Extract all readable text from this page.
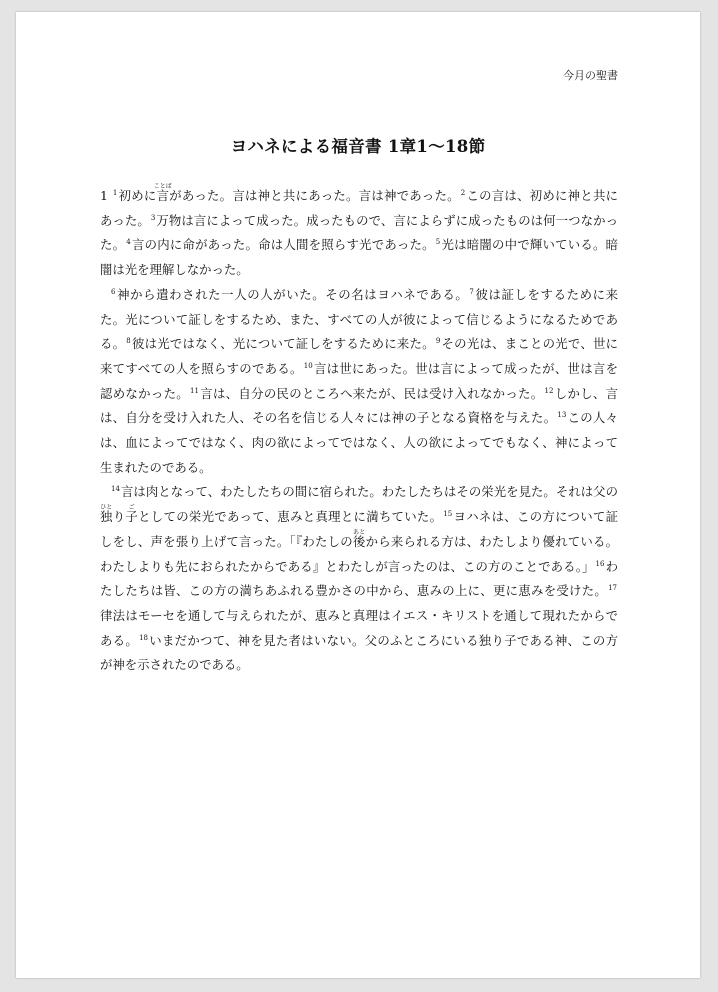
今月の聖書
ヨハネによる福音書 1章1〜18節

1 $^1$初めに言ことばがあった。言は神と共にあった。言は神であった。$^2$この言は、初めに神と共にあった。$^3$万物は言によって成った。成ったもので、言によらずに成ったものは何一つなかった。$^4$言の内に命があった。命は人間を照らす光であった。$^5$光は暗闇の中で輝いている。暗闇は光を理解しなかった。

$^6$神から遣わされた一人の人がいた。その名はヨハネである。$^7$彼は証しをするために来た。光について証しをするため、また、すべての人が彼によって信じるようになるためである。$^8$彼は光ではなく、光について証しをするために来た。$^9$その光は、まことの光で、世に来てすべての人を照らすのである。$^{10}$言は世にあった。世は言によって成ったが、世は言を認めなかった。$^{11}$言は、自分の民のところへ来たが、民は受け入れなかった。$^{12}$しかし、言は、自分を受け入れた人、その名を信じる人々には神の子となる資格を与えた。$^{13}$この人々は、血によってではなく、肉の欲によってではなく、人の欲によってでもなく、神によって生まれたのである。

$^{14}$言は肉となって、わたしたちの間に宿られた。わたしたちはその栄光を見た。それは父の独ひとり子ごとしての栄光であって、恵みと真理とに満ちていた。$^{15}$ヨハネは、この方について証しをし、声を張り上げて言った。「『わたしの後あとから来られる方は、わたしより優れている。わたしよりも先におられたからである』とわたしが言ったのは、この方のことである。」$^{16}$わたしたちは皆、この方の満ちあふれる豊かさの中から、恵みの上に、更に恵みを受けた。$^{17}$律法はモーセを通して与えられたが、恵みと真理はイエス・キリストを通して現れたからである。$^{18}$いまだかつて、神を見た者はいない。父のふところにいる独り子である神、この方が神を示されたのである。
